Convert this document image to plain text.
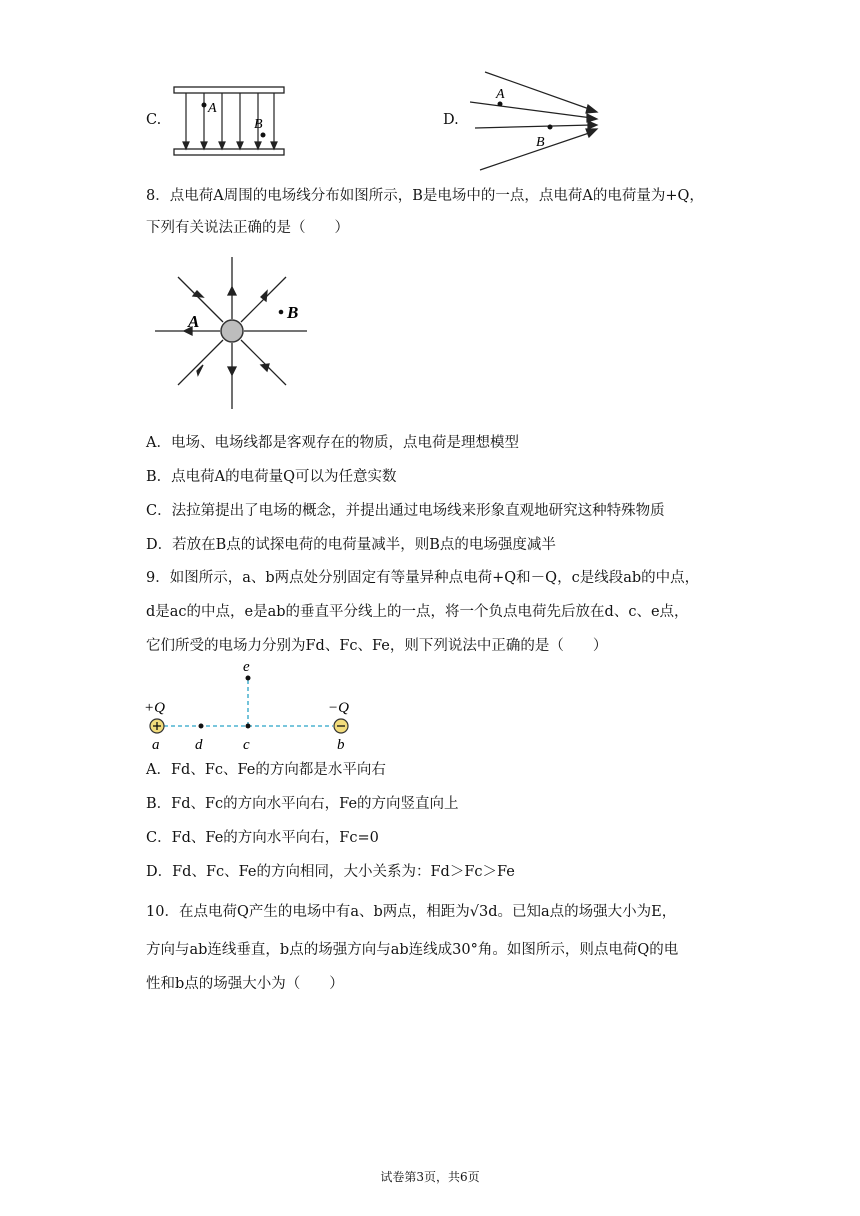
C.
A
B	D.
A
B
8．点电荷A周围的电场线分布如图所示，B是电场中的一点，点电荷A的电荷量为+Q，
下列有关说法正确的是（　　）
A	B
A．电场、电场线都是客观存在的物质，点电荷是理想模型
B．点电荷A的电荷量Q可以为任意实数
C．法拉第提出了电场的概念，并提出通过电场线来形象直观地研究这种特殊物质
D．若放在B点的试探电荷的电荷量减半，则B点的电场强度减半
9．如图所示，a、b两点处分别固定有等量异种点电荷+Q和－Q，c是线段ab的中点，
d是ac的中点，e是ab的垂直平分线上的一点，将一个负点电荷先后放在d、c、e点，
它们所受的电场力分别为Fd、Fc、Fe，则下列说法中正确的是（　　）
+Q	−Q
a d	c	b
e
A．Fd、Fc、Fe的方向都是水平向右
B．Fd、Fc的方向水平向右，Fe的方向竖直向上
C．Fd、Fe的方向水平向右，Fc=0
D．Fd、Fc、Fe的方向相同，大小关系为：Fd＞Fc＞Fe
10．在点电荷Q产生的电场中有a、b两点，相距为√3d。已知a点的场强大小为E，
方向与ab连线垂直，b点的场强方向与ab连线成30°角。如图所示，则点电荷Q的电
性和b点的场强大小为（　　）
试卷第3页，共6页
